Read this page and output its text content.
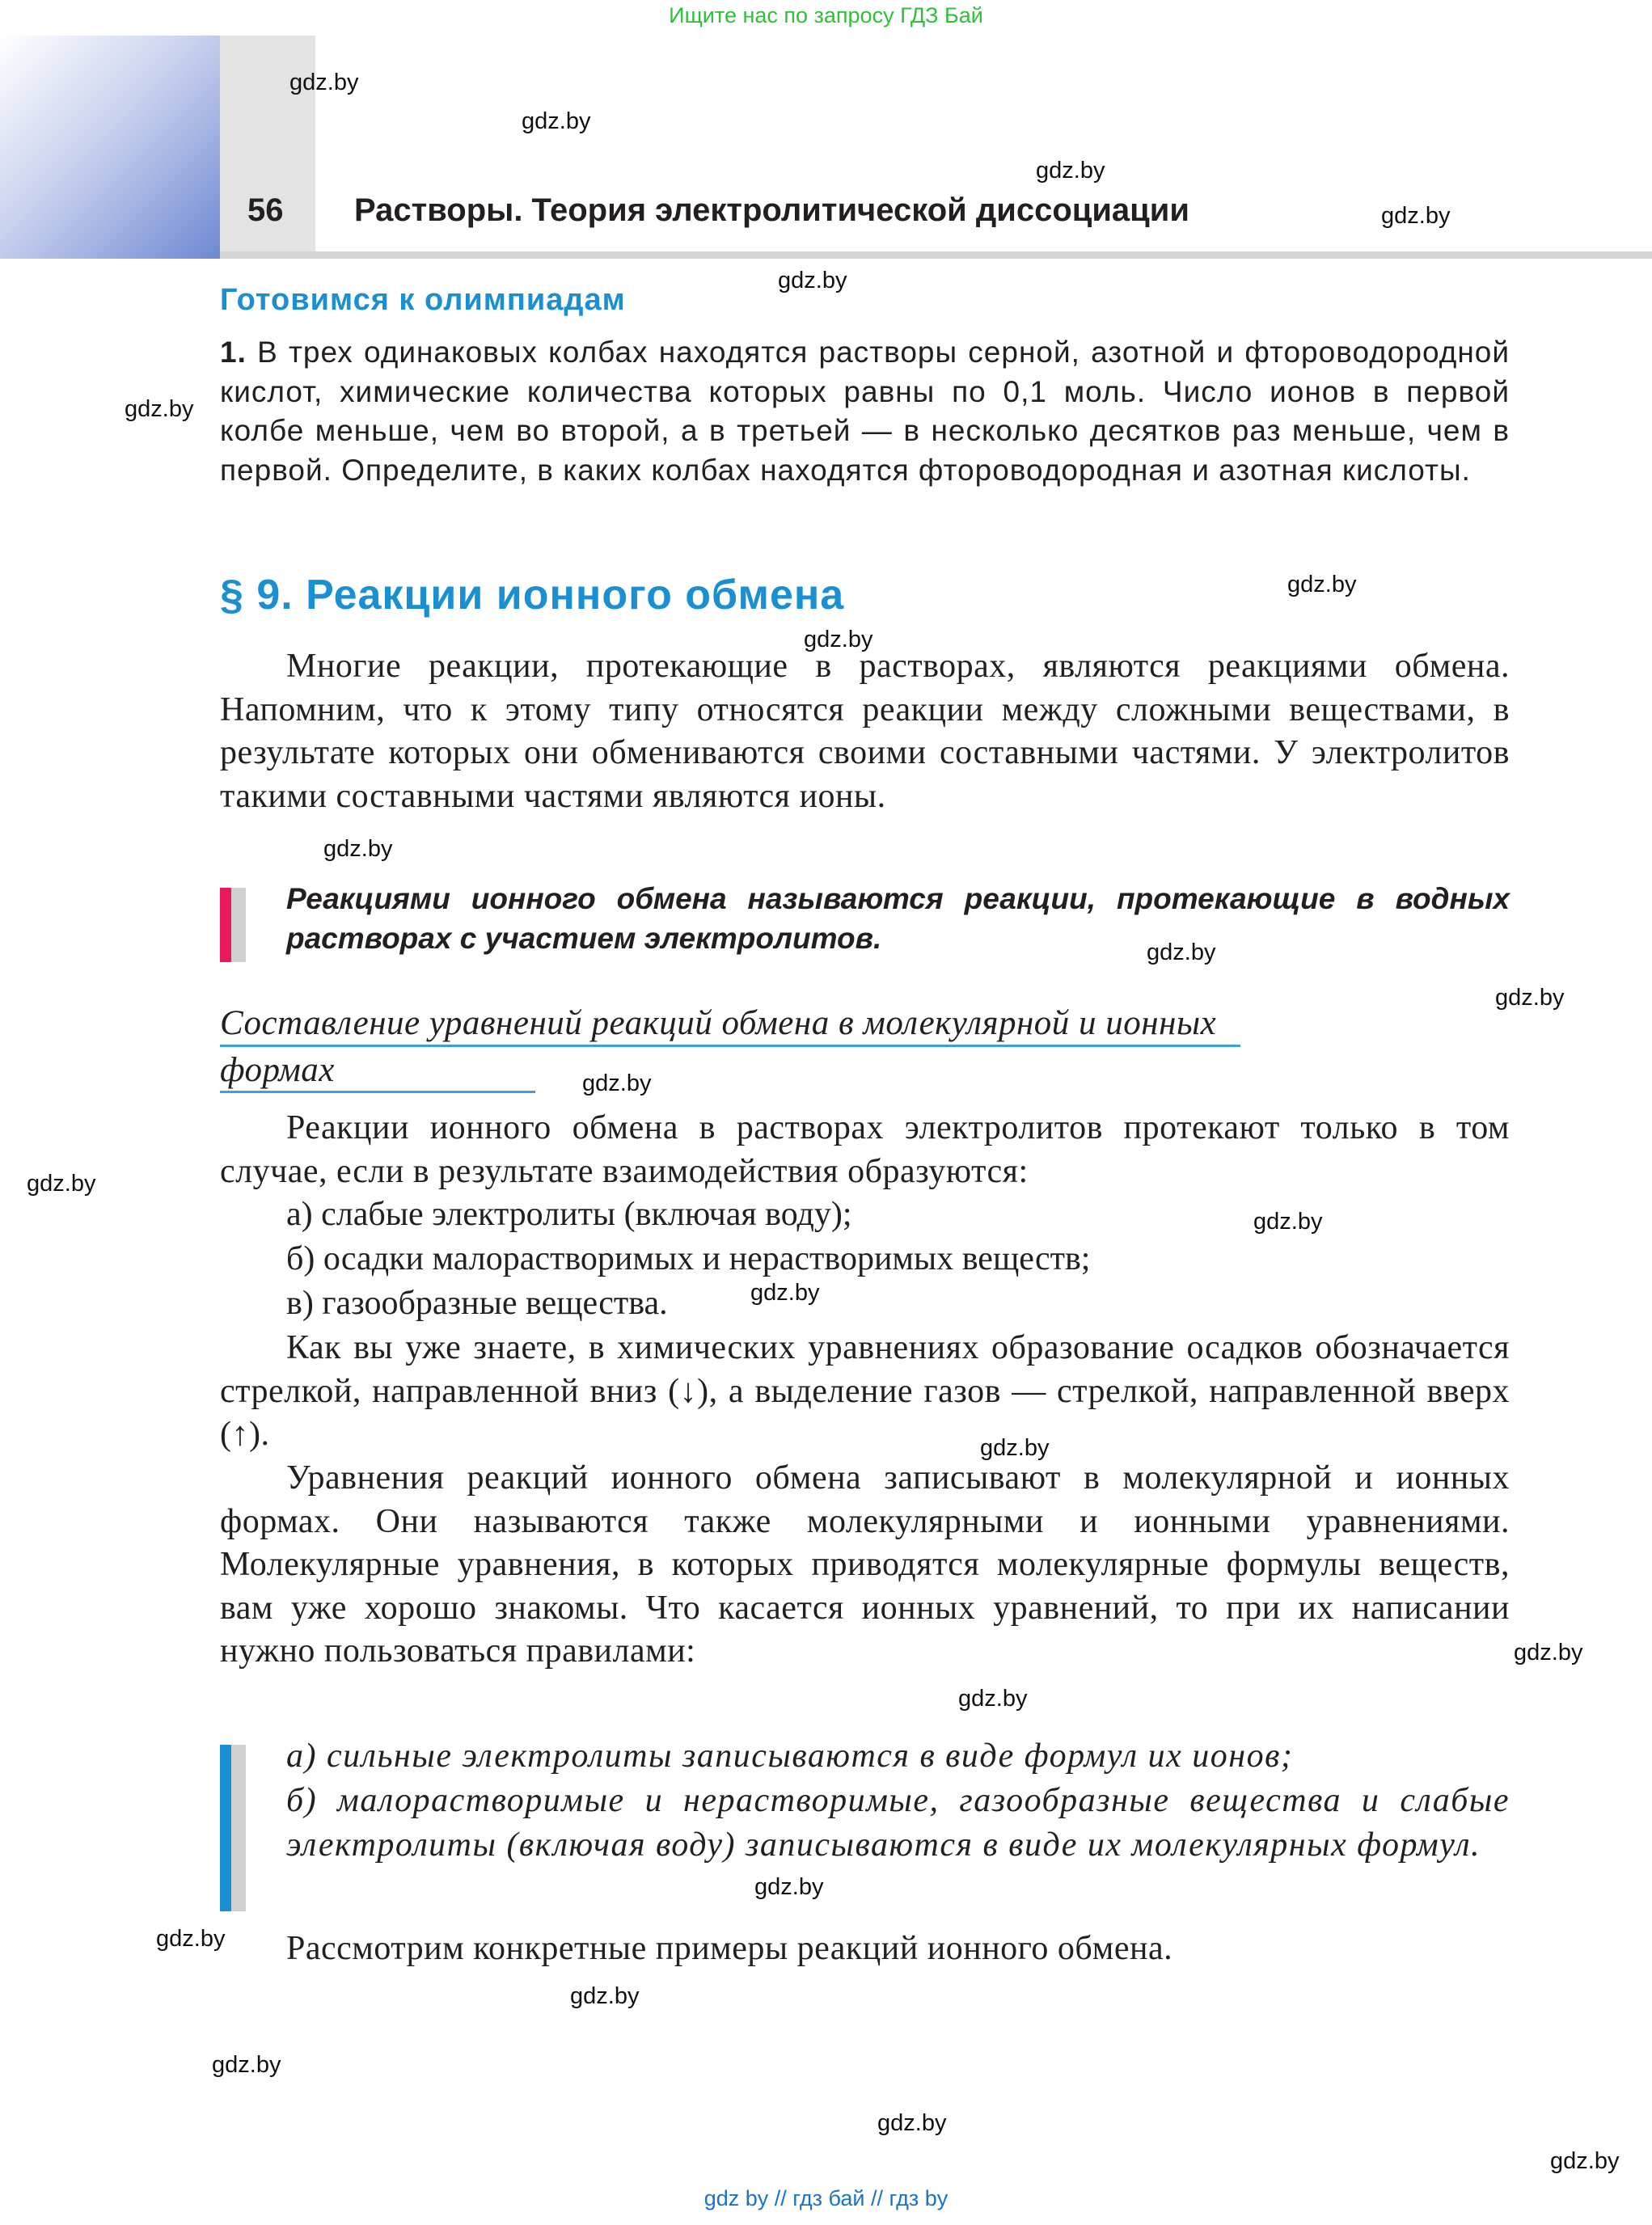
Ищите нас по запросу ГДЗ Бай
56 Растворы. Теория электролитической диссоциации
Готовимся к олимпиадам
1. В трех одинаковых колбах находятся растворы серной, азотной и фтороводородной кислот, химические количества которых равны по 0,1 моль. Число ионов в первой колбе меньше, чем во второй, а в третьей — в несколько десятков раз меньше, чем в первой. Определите, в каких колбах находятся фтороводородная и азотная кислоты.
§ 9. Реакции ионного обмена
Многие реакции, протекающие в растворах, являются реакциями обмена. Напомним, что к этому типу относятся реакции между сложными веществами, в результате которых они обмениваются своими составными частями. У электролитов такими составными частями являются ионы.
Реакциями ионного обмена называются реакции, протекающие в водных растворах с участием электролитов.
Составление уравнений реакций обмена в молекулярной и ионных формах
Реакции ионного обмена в растворах электролитов протекают только в том случае, если в результате взаимодействия образуются:
а) слабые электролиты (включая воду);
б) осадки малорастворимых и нерастворимых веществ;
в) газообразные вещества.
Как вы уже знаете, в химических уравнениях образование осадков обозначается стрелкой, направленной вниз (↓), а выделение газов — стрелкой, направленной вверх (↑).
Уравнения реакций ионного обмена записывают в молекулярной и ионных формах. Они называются также молекулярными и ионными уравнениями. Молекулярные уравнения, в которых приводятся молекулярные формулы веществ, вам уже хорошо знакомы. Что касается ионных уравнений, то при их написании нужно пользоваться правилами:
а) сильные электролиты записываются в виде формул их ионов;
б) малорастворимые и нерастворимые, газообразные вещества и слабые электролиты (включая воду) записываются в виде их молекулярных формул.
Рассмотрим конкретные примеры реакций ионного обмена.
gdz.by
gdz.by
gdz.by
gdz.by
gdz.by
gdz.by
gdz.by
gdz.by
gdz.by
gdz.by
gdz.by
gdz.by
gdz.by
gdz.by
gdz.by
gdz.by
gdz.by
gdz.by
gdz.by
gdz.by
gdz.by
gdz.by
gdz.by
gdz.by
gdz by // гдз бай // гдз by
